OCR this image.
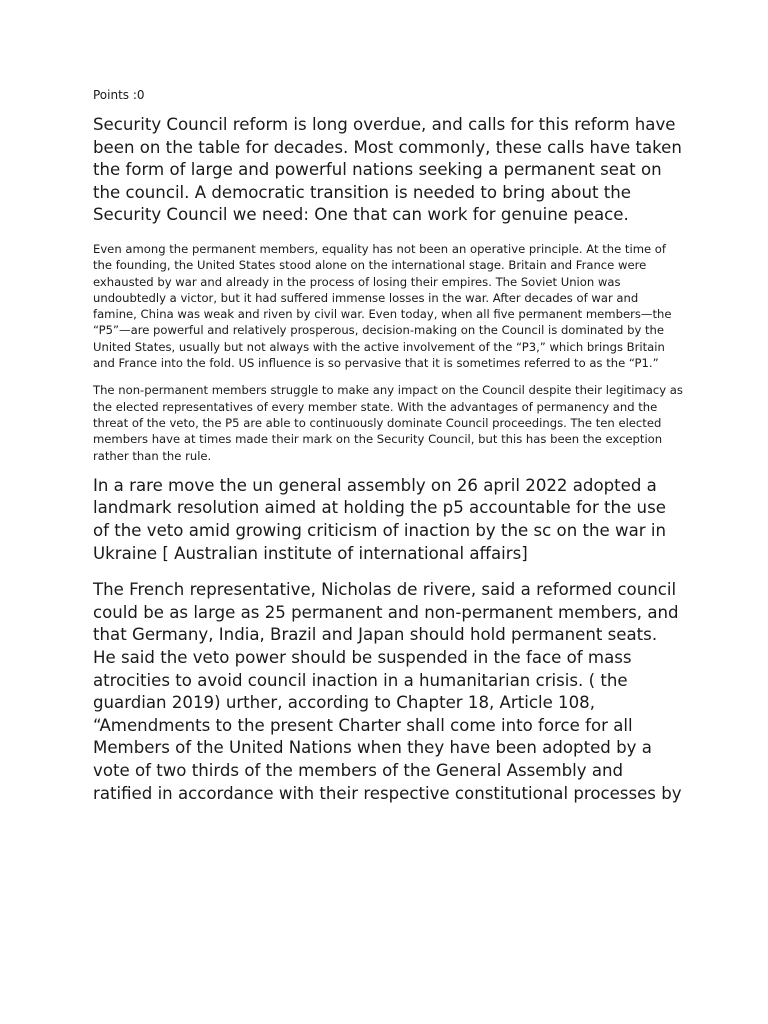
Points :0

Security Council reform is long overdue, and calls for this reform have been on the table for decades. Most commonly, these calls have taken the form of large and powerful nations seeking a permanent seat on the council. A democratic transition is needed to bring about the Security Council we need: One that can work for genuine peace.

Even among the permanent members, equality has not been an operative principle. At the time of the founding, the United States stood alone on the international stage. Britain and France were exhausted by war and already in the process of losing their empires. The Soviet Union was undoubtedly a victor, but it had suffered immense losses in the war. After decades of war and famine, China was weak and riven by civil war. Even today, when all five permanent members—the “P5”—are powerful and relatively prosperous, decision-making on the Council is dominated by the United States, usually but not always with the active involvement of the “P3,” which brings Britain and France into the fold. US influence is so pervasive that it is sometimes referred to as the “P1.”

The non-permanent members struggle to make any impact on the Council despite their legitimacy as the elected representatives of every member state. With the advantages of permanency and the threat of the veto, the P5 are able to continuously dominate Council proceedings. The ten elected members have at times made their mark on the Security Council, but this has been the exception rather than the rule.

In a rare move the un general assembly on 26 april 2022 adopted a landmark resolution aimed at holding the p5 accountable for the use of the veto amid growing criticism of inaction by the sc on the war in Ukraine [ Australian institute of international affairs]

The French representative, Nicholas de rivere, said a reformed council could be as large as 25 permanent and non-permanent members, and that Germany, India, Brazil and Japan should hold permanent seats. He said the veto power should be suspended in the face of mass atrocities to avoid council inaction in a humanitarian crisis. ( the guardian 2019) urther, according to Chapter 18, Article 108, “Amendments to the present Charter shall come into force for all Members of the United Nations when they have been adopted by a vote of two thirds of the members of the General Assembly and ratified in accordance with their respective constitutional processes by
